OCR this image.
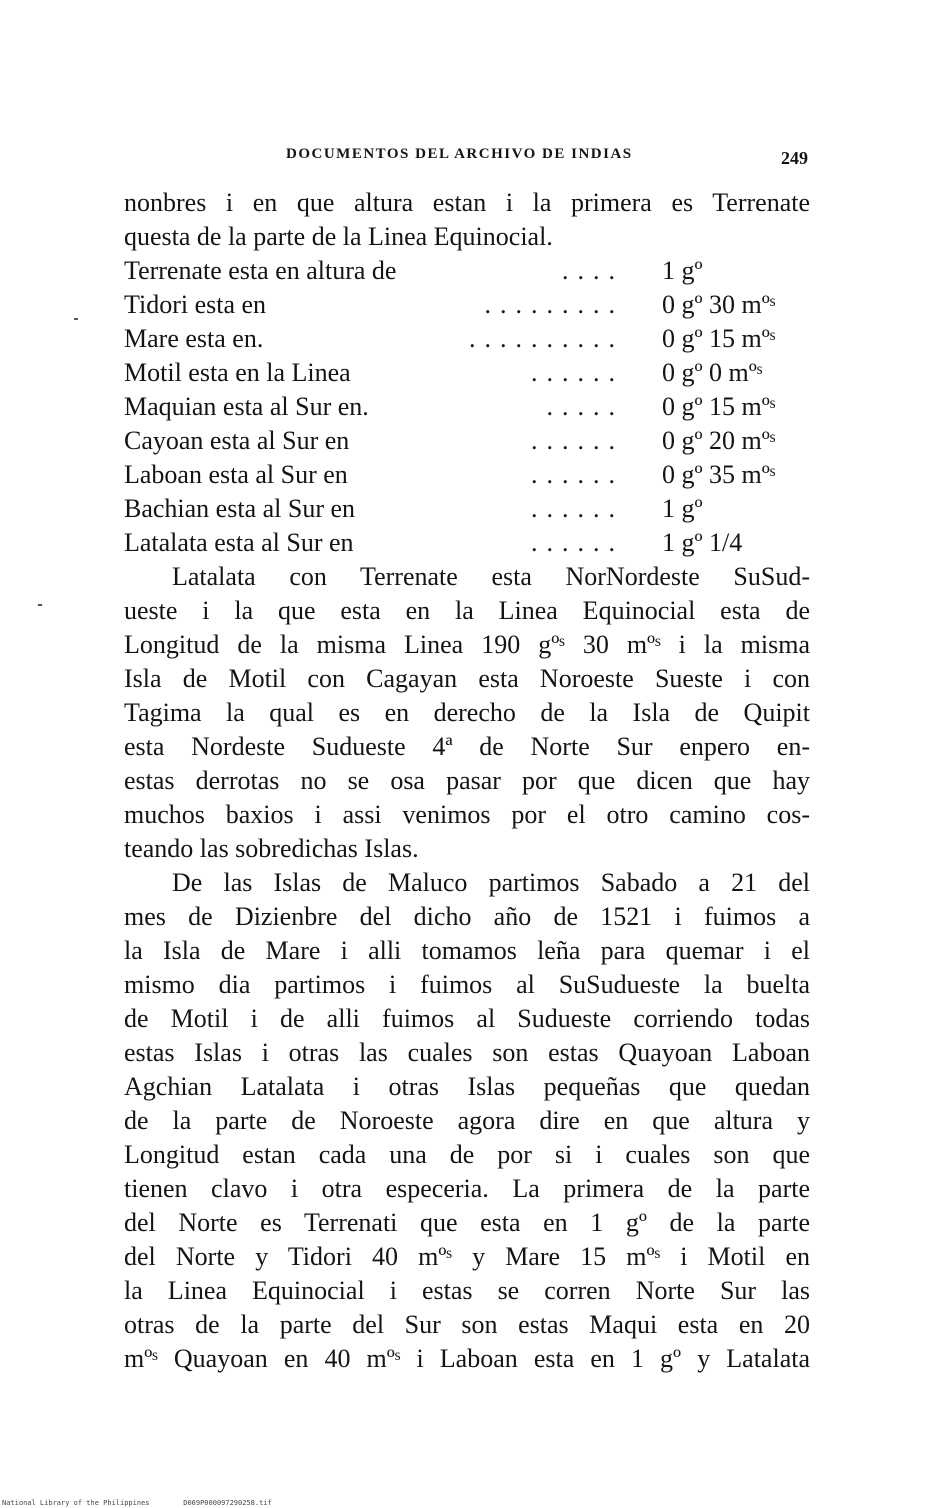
DOCUMENTOS DEL ARCHIVO DE INDIAS	249
nonbres i en que altura estan i la primera es Terrenate
questa de la parte de la Linea Equinocial.
Terrenate esta en altura de	.... 1 gº
Tidori esta en	......... 0 gº 30 mºˢ
Mare esta en.	.......... 0 gº 15 mºˢ
Motil esta en la Linea	...... 0 gº 0 mºˢ
Maquian esta al Sur en.	..... 0 gº 15 mºˢ
Cayoan esta al Sur en	...... 0 gº 20 mºˢ
Laboan esta al Sur en	...... 0 gº 35 mºˢ
Bachian esta al Sur en	...... 1 gº
Latalata esta al Sur en	...... 1 gº 1/4
Latalata con Terrenate esta NorNordeste SuSud-
ueste i la que esta en la Linea Equinocial esta de
Longitud de la misma Linea 190 gºˢ 30 mºˢ i la misma
Isla de Motil con Cagayan esta Noroeste Sueste i con
Tagima la qual es en derecho de la Isla de Quipit
esta Nordeste Sudueste 4ª de Norte Sur enpero en-
estas derrotas no se osa pasar por que dicen que hay
muchos baxios i assi venimos por el otro camino cos-
teando las sobredichas Islas.
De las Islas de Maluco partimos Sabado a 21 del
mes de Dizienbre del dicho año de 1521 i fuimos a
la Isla de Mare i alli tomamos leña para quemar i el
mismo dia partimos i fuimos al SuSudueste la buelta
de Motil i de alli fuimos al Sudueste corriendo todas
estas Islas i otras las cuales son estas Quayoan Laboan
Agchian Latalata i otras Islas pequeñas que quedan
de la parte de Noroeste agora dire en que altura y
Longitud estan cada una de por si i cuales son que
tienen clavo i otra especeria. La primera de la parte
del Norte es Terrenati que esta en 1 gº de la parte
del Norte y Tidori 40 mºˢ y Mare 15 mºˢ i Motil en
la Linea Equinocial i estas se corren Norte Sur las
otras de la parte del Sur son estas Maqui esta en 20
mºˢ Quayoan en 40 mºˢ i Laboan esta en 1 gº y Latalata
National Library of the Philippines	D069P000097290258.tif
